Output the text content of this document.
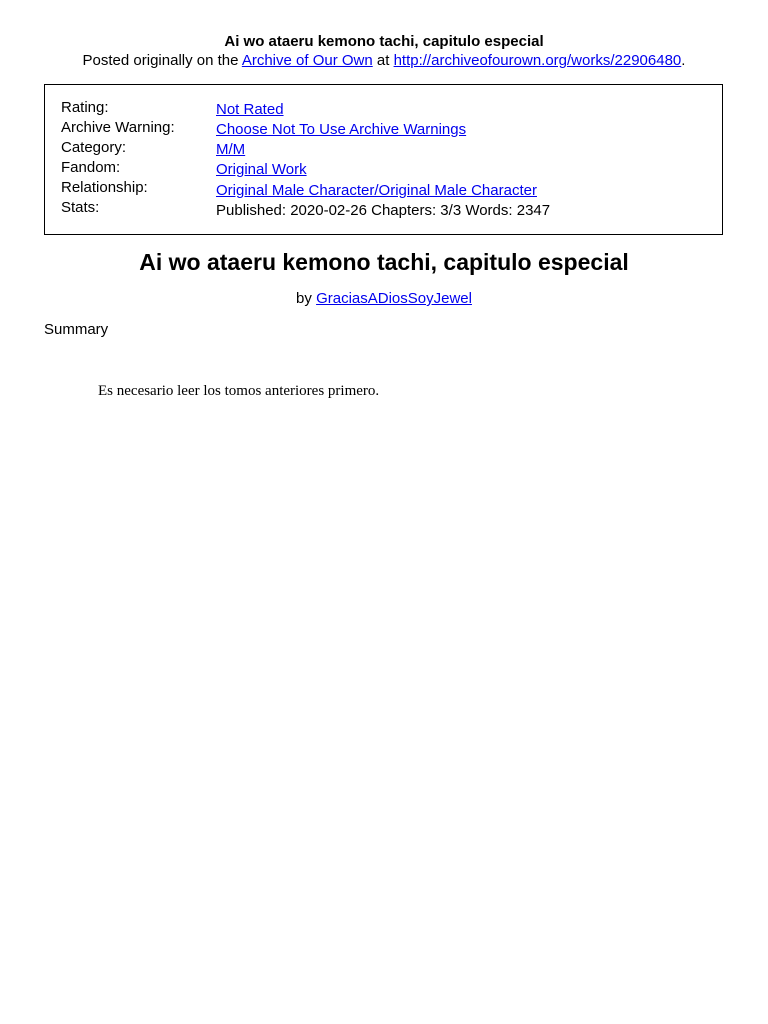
Ai wo ataeru kemono tachi, capitulo especial
Posted originally on the Archive of Our Own at http://archiveofourown.org/works/22906480.
Rating:	Not Rated
Archive Warning:	Choose Not To Use Archive Warnings
Category:	M/M
Fandom:	Original Work
Relationship:	Original Male Character/Original Male Character
Stats:	Published: 2020-02-26 Chapters: 3/3 Words: 2347
Ai wo ataeru kemono tachi, capitulo especial
by GraciasADiosSoyJewel
Summary
Es necesario leer los tomos anteriores primero.
